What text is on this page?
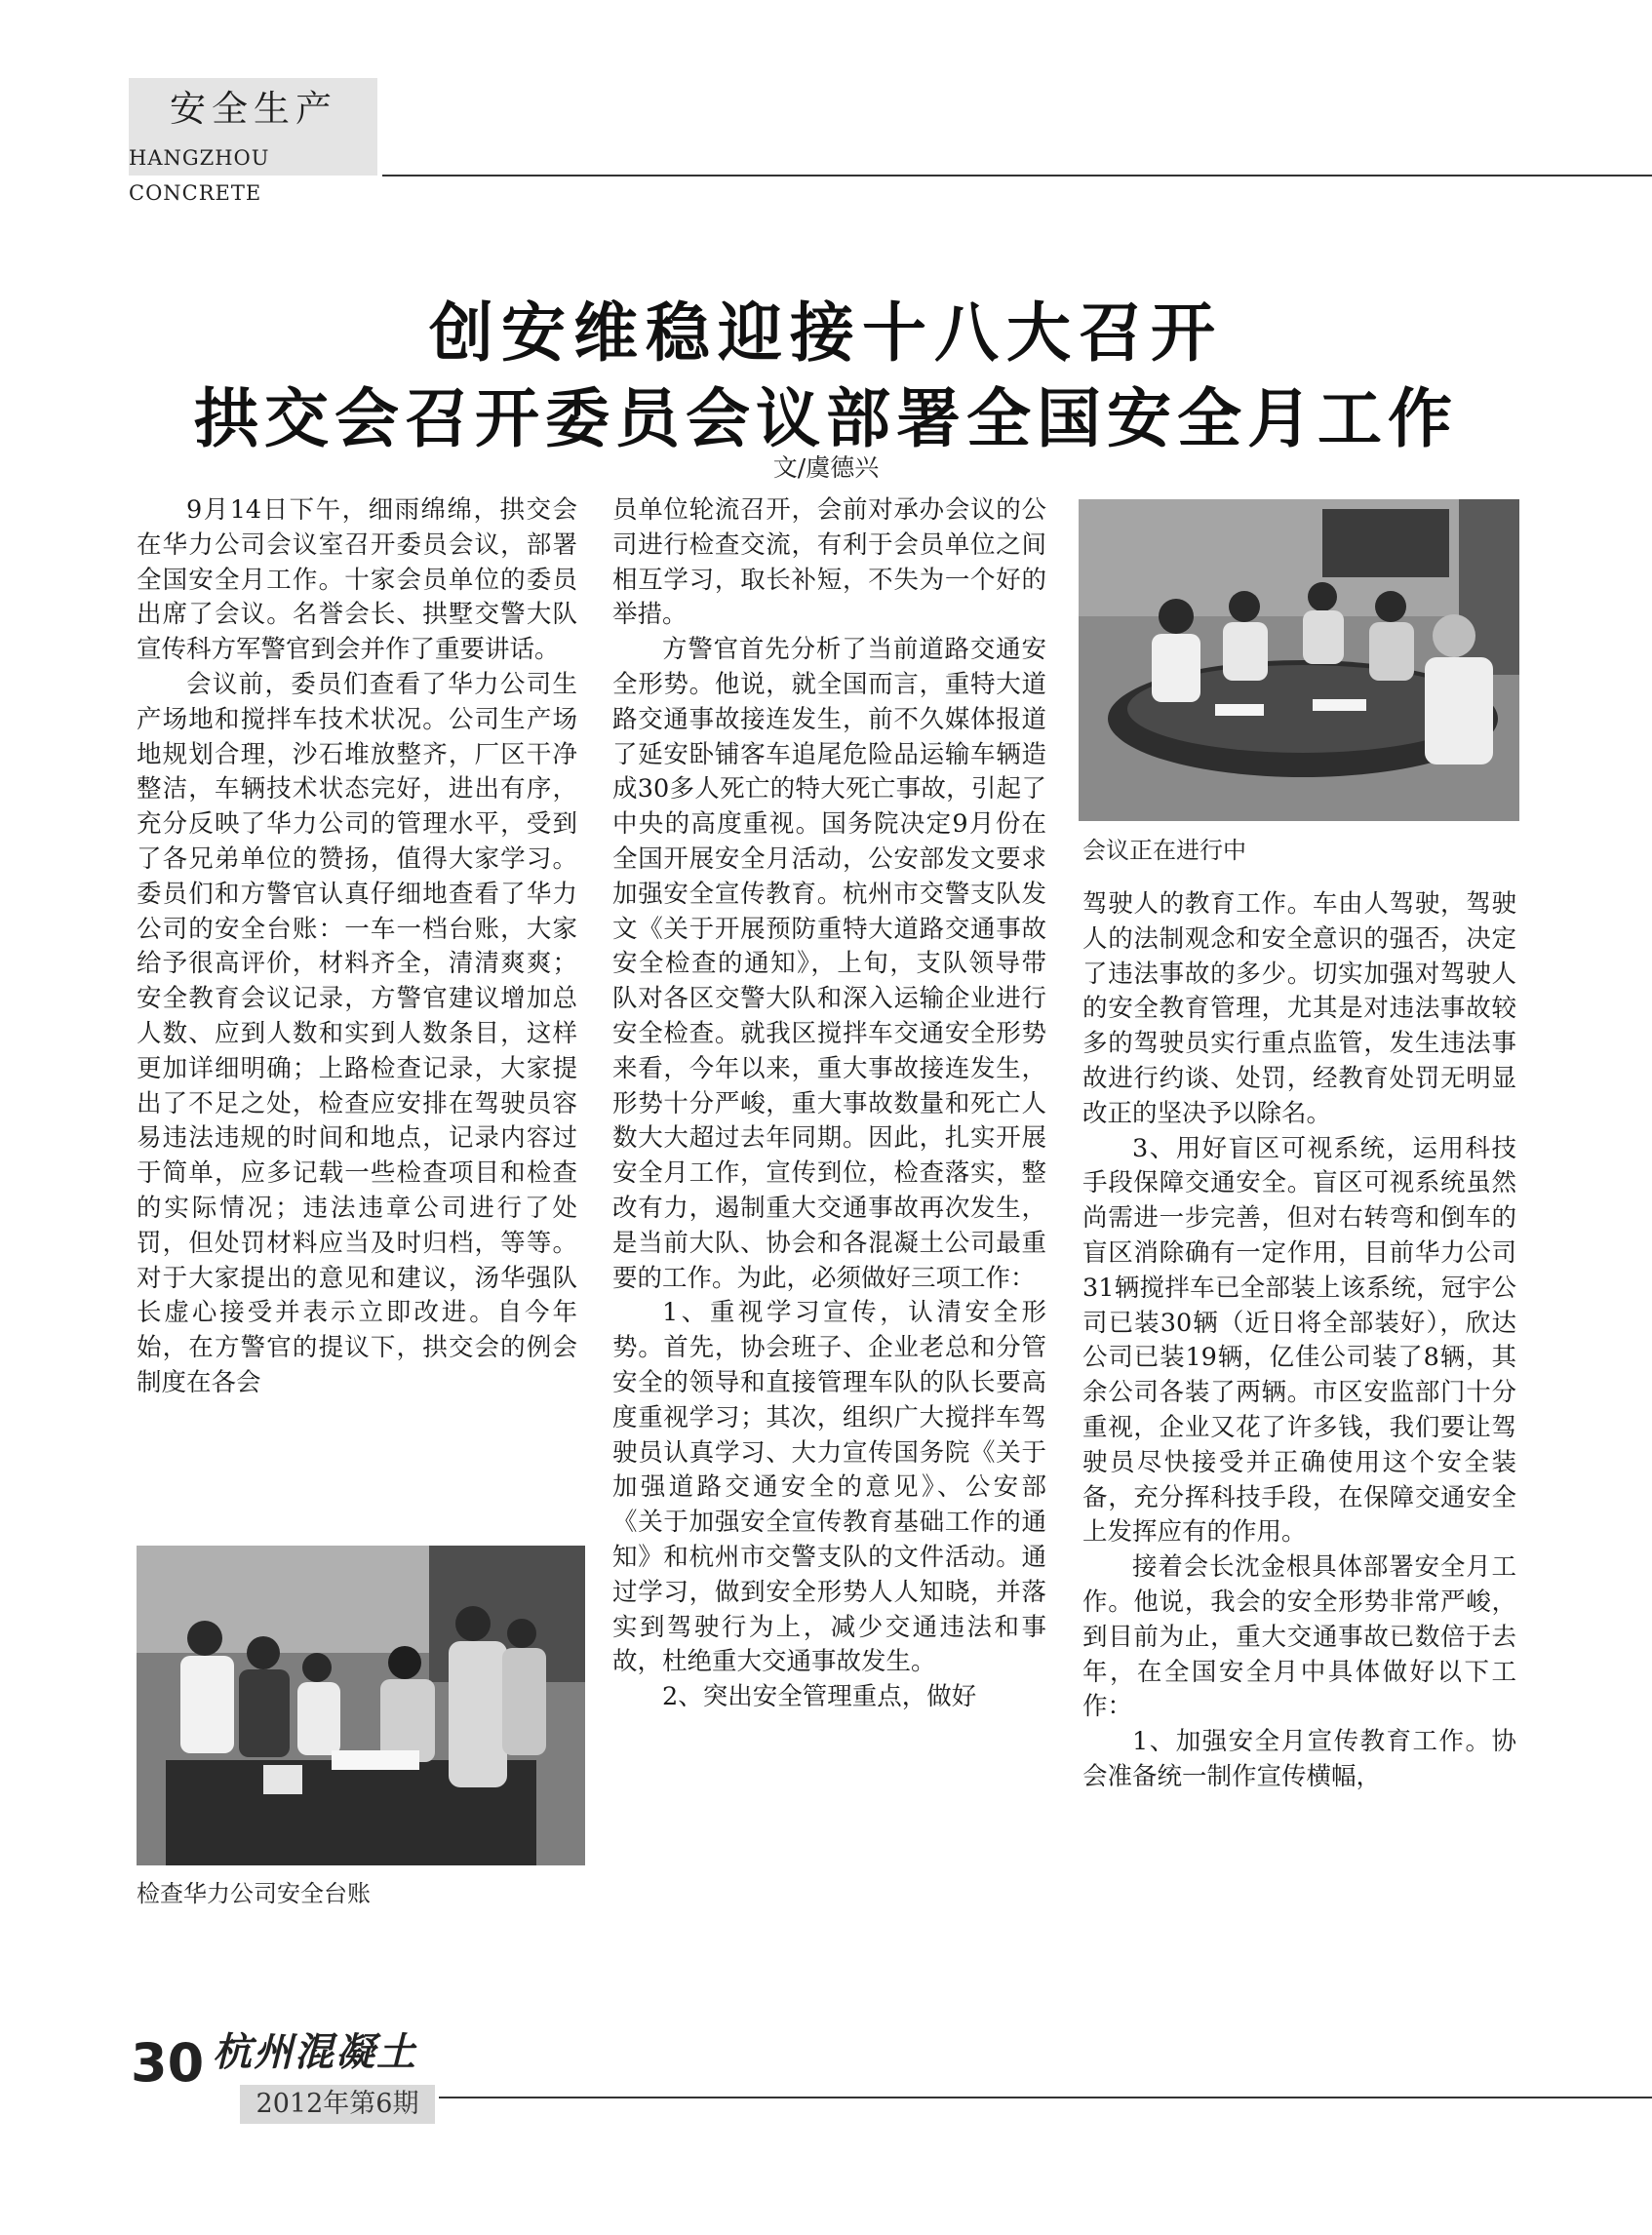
安全生产
HANGZHOU CONCRETE
创安维稳迎接十八大召开
拱交会召开委员会议部署全国安全月工作
文/虞德兴

9月14日下午，细雨绵绵，拱交会在华力公司会议室召开委员会议，部署全国安全月工作。十家会员单位的委员出席了会议。名誉会长、拱墅交警大队宣传科方军警官到会并作了重要讲话。

会议前，委员们查看了华力公司生产场地和搅拌车技术状况。公司生产场地规划合理，沙石堆放整齐，厂区干净整洁，车辆技术状态完好，进出有序，充分反映了华力公司的管理水平，受到了各兄弟单位的赞扬，值得大家学习。委员们和方警官认真仔细地查看了华力公司的安全台账：一车一档台账，大家给予很高评价，材料齐全，清清爽爽；安全教育会议记录，方警官建议增加总人数、应到人数和实到人数条目，这样更加详细明确；上路检查记录，大家提出了不足之处，检查应安排在驾驶员容易违法违规的时间和地点，记录内容过于简单，应多记载一些检查项目和检查的实际情况；违法违章公司进行了处罚，但处罚材料应当及时归档，等等。对于大家提出的意见和建议，汤华强队长虚心接受并表示立即改进。自今年始，在方警官的提议下，拱交会的例会制度在各会

员单位轮流召开，会前对承办会议的公司进行检查交流，有利于会员单位之间相互学习，取长补短，不失为一个好的举措。

方警官首先分析了当前道路交通安全形势。他说，就全国而言，重特大道路交通事故接连发生，前不久媒体报道了延安卧铺客车追尾危险品运输车辆造成30多人死亡的特大死亡事故，引起了中央的高度重视。国务院决定9月份在全国开展安全月活动，公安部发文要求加强安全宣传教育。杭州市交警支队发文《关于开展预防重特大道路交通事故安全检查的通知》，上旬，支队领导带队对各区交警大队和深入运输企业进行安全检查。就我区搅拌车交通安全形势来看，今年以来，重大事故接连发生，形势十分严峻，重大事故数量和死亡人数大大超过去年同期。因此，扎实开展安全月工作，宣传到位，检查落实，整改有力，遏制重大交通事故再次发生，是当前大队、协会和各混凝土公司最重要的工作。为此，必须做好三项工作：

1、重视学习宣传，认清安全形势。首先，协会班子、企业老总和分管安全的领导和直接管理车队的队长要高度重视学习；其次，组织广大搅拌车驾驶员认真学习、大力宣传国务院《关于加强道路交通安全的意见》、公安部《关于加强安全宣传教育基础工作的通知》和杭州市交警支队的文件活动。通过学习，做到安全形势人人知晓，并落实到驾驶行为上，减少交通违法和事故，杜绝重大交通事故发生。

2、突出安全管理重点，做好

驾驶人的教育工作。车由人驾驶，驾驶人的法制观念和安全意识的强否，决定了违法事故的多少。切实加强对驾驶人的安全教育管理，尤其是对违法事故较多的驾驶员实行重点监管，发生违法事故进行约谈、处罚，经教育处罚无明显改正的坚决予以除名。

3、用好盲区可视系统，运用科技手段保障交通安全。盲区可视系统虽然尚需进一步完善，但对右转弯和倒车的盲区消除确有一定作用，目前华力公司31辆搅拌车已全部装上该系统，冠宇公司已装30辆（近日将全部装好），欣达公司已装19辆，亿佳公司装了8辆，其余公司各装了两辆。市区安监部门十分重视，企业又花了许多钱，我们要让驾驶员尽快接受并正确使用这个安全装备，充分挥科技手段，在保障交通安全上发挥应有的作用。

接着会长沈金根具体部署安全月工作。他说，我会的安全形势非常严峻，到目前为止，重大交通事故已数倍于去年，在全国安全月中具体做好以下工作：

1、加强安全月宣传教育工作。协会准备统一制作宣传横幅，

会议正在进行中
检查华力公司安全台账
30 杭州混凝土
2012年第6期
